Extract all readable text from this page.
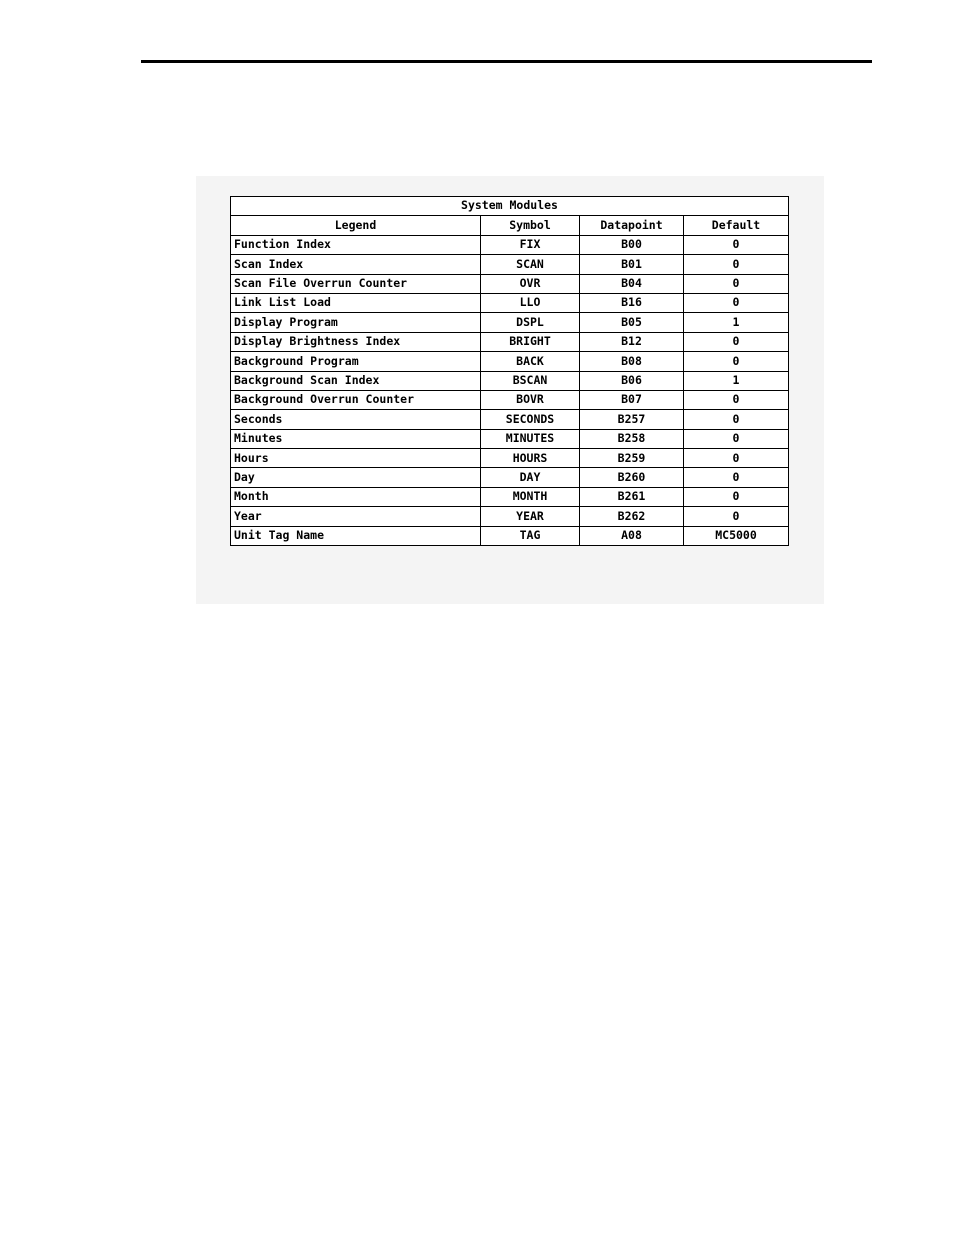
System Modules			
Legend	Symbol	Datapoint	Default
Function Index	FIX	B00	0
Scan Index	SCAN	B01	0
Scan File Overrun Counter	OVR	B04	0
Link List Load	LLO	B16	0
Display Program	DSPL	B05	1
Display Brightness Index	BRIGHT	B12	0
Background Program	BACK	B08	0
Background Scan Index	BSCAN	B06	1
Background Overrun Counter	BOVR	B07	0
Seconds	SECONDS	B257	0
Minutes	MINUTES	B258	0
Hours	HOURS	B259	0
Day	DAY	B260	0
Month	MONTH	B261	0
Year	YEAR	B262	0
Unit Tag Name	TAG	A08	MC5000
